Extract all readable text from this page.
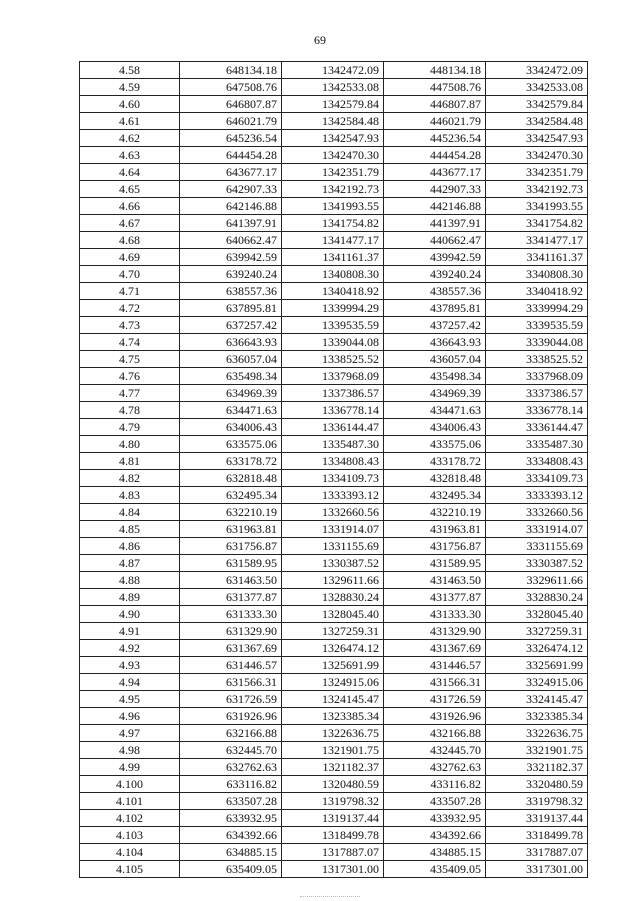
69
4.58	648134.18	1342472.09	448134.18	3342472.09
4.59	647508.76	1342533.08	447508.76	3342533.08
4.60	646807.87	1342579.84	446807.87	3342579.84
4.61	646021.79	1342584.48	446021.79	3342584.48
4.62	645236.54	1342547.93	445236.54	3342547.93
4.63	644454.28	1342470.30	444454.28	3342470.30
4.64	643677.17	1342351.79	443677.17	3342351.79
4.65	642907.33	1342192.73	442907.33	3342192.73
4.66	642146.88	1341993.55	442146.88	3341993.55
4.67	641397.91	1341754.82	441397.91	3341754.82
4.68	640662.47	1341477.17	440662.47	3341477.17
4.69	639942.59	1341161.37	439942.59	3341161.37
4.70	639240.24	1340808.30	439240.24	3340808.30
4.71	638557.36	1340418.92	438557.36	3340418.92
4.72	637895.81	1339994.29	437895.81	3339994.29
4.73	637257.42	1339535.59	437257.42	3339535.59
4.74	636643.93	1339044.08	436643.93	3339044.08
4.75	636057.04	1338525.52	436057.04	3338525.52
4.76	635498.34	1337968.09	435498.34	3337968.09
4.77	634969.39	1337386.57	434969.39	3337386.57
4.78	634471.63	1336778.14	434471.63	3336778.14
4.79	634006.43	1336144.47	434006.43	3336144.47
4.80	633575.06	1335487.30	433575.06	3335487.30
4.81	633178.72	1334808.43	433178.72	3334808.43
4.82	632818.48	1334109.73	432818.48	3334109.73
4.83	632495.34	1333393.12	432495.34	3333393.12
4.84	632210.19	1332660.56	432210.19	3332660.56
4.85	631963.81	1331914.07	431963.81	3331914.07
4.86	631756.87	1331155.69	431756.87	3331155.69
4.87	631589.95	1330387.52	431589.95	3330387.52
4.88	631463.50	1329611.66	431463.50	3329611.66
4.89	631377.87	1328830.24	431377.87	3328830.24
4.90	631333.30	1328045.40	431333.30	3328045.40
4.91	631329.90	1327259.31	431329.90	3327259.31
4.92	631367.69	1326474.12	431367.69	3326474.12
4.93	631446.57	1325691.99	431446.57	3325691.99
4.94	631566.31	1324915.06	431566.31	3324915.06
4.95	631726.59	1324145.47	431726.59	3324145.47
4.96	631926.96	1323385.34	431926.96	3323385.34
4.97	632166.88	1322636.75	432166.88	3322636.75
4.98	632445.70	1321901.75	432445.70	3321901.75
4.99	632762.63	1321182.37	432762.63	3321182.37
4.100	633116.82	1320480.59	433116.82	3320480.59
4.101	633507.28	1319798.32	433507.28	3319798.32
4.102	633932.95	1319137.44	433932.95	3319137.44
4.103	634392.66	1318499.78	434392.66	3318499.78
4.104	634885.15	1317887.07	434885.15	3317887.07
4.105	635409.05	1317301.00	435409.05	3317301.00
